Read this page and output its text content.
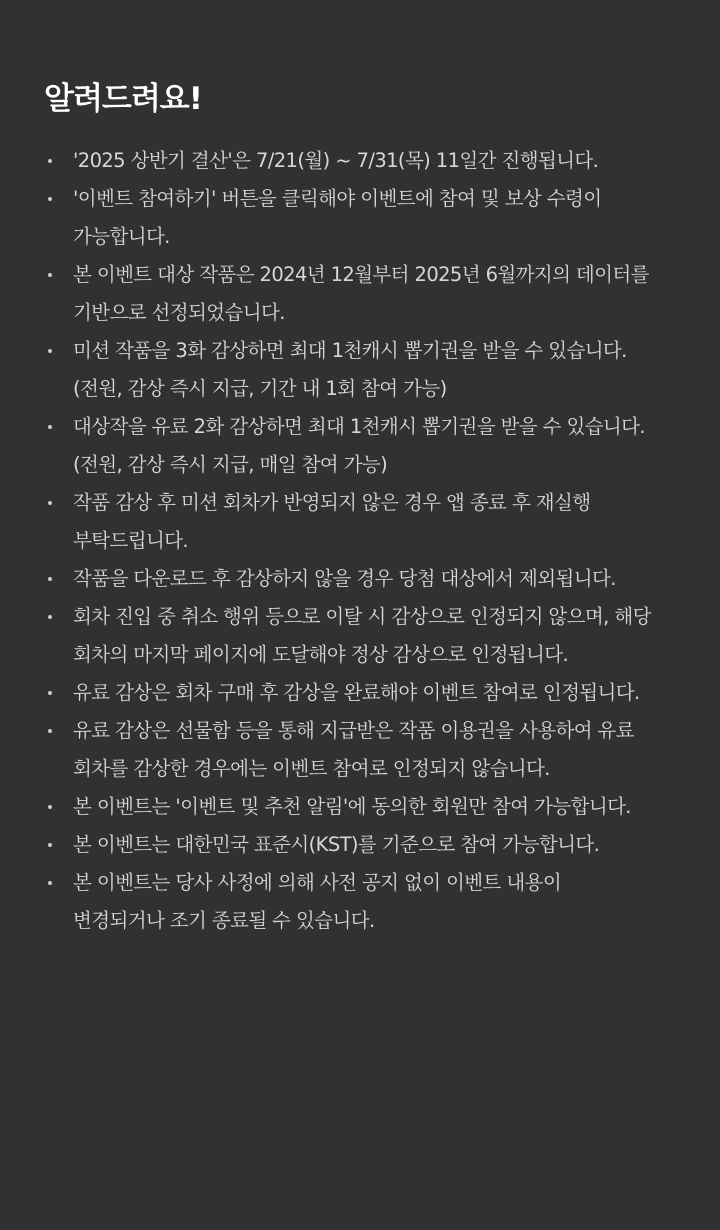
알려드려요!
'2025 상반기 결산'은 7/21(월) ~ 7/31(목) 11일간 진행됩니다.
'이벤트 참여하기' 버튼을 클릭해야 이벤트에 참여 및 보상 수령이
가능합니다.
본 이벤트 대상 작품은 2024년 12월부터 2025년 6월까지의 데이터를
기반으로 선정되었습니다.
미션 작품을 3화 감상하면 최대 1천캐시 뽑기권을 받을 수 있습니다.
(전원, 감상 즉시 지급, 기간 내 1회 참여 가능)
대상작을 유료 2화 감상하면 최대 1천캐시 뽑기권을 받을 수 있습니다.
(전원, 감상 즉시 지급, 매일 참여 가능)
작품 감상 후 미션 회차가 반영되지 않은 경우 앱 종료 후 재실행
부탁드립니다.
작품을 다운로드 후 감상하지 않을 경우 당첨 대상에서 제외됩니다.
회차 진입 중 취소 행위 등으로 이탈 시 감상으로 인정되지 않으며, 해당
회차의 마지막 페이지에 도달해야 정상 감상으로 인정됩니다.
유료 감상은 회차 구매 후 감상을 완료해야 이벤트 참여로 인정됩니다.
유료 감상은 선물함 등을 통해 지급받은 작품 이용권을 사용하여 유료
회차를 감상한 경우에는 이벤트 참여로 인정되지 않습니다.
본 이벤트는 '이벤트 및 추천 알림'에 동의한 회원만 참여 가능합니다.
본 이벤트는 대한민국 표준시(KST)를 기준으로 참여 가능합니다.
본 이벤트는 당사 사정에 의해 사전 공지 없이 이벤트 내용이
변경되거나 조기 종료될 수 있습니다.
